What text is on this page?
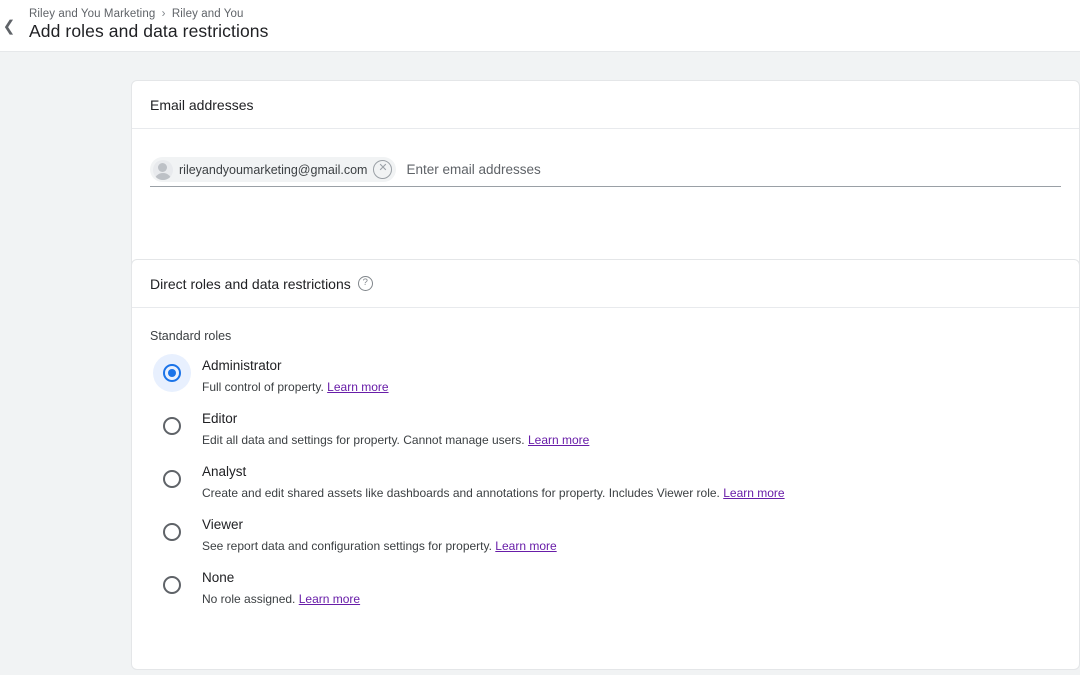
❮
Riley and You Marketing › Riley and You
Add roles and data restrictions
Email addresses
rileyandyoumarketing@gmail.com ✕
Enter email addresses
Direct roles and data restrictions	?
Standard roles
Administrator
Full control of property. Learn more
Editor
Edit all data and settings for property. Cannot manage users. Learn more
Analyst
Create and edit shared assets like dashboards and annotations for property. Includes Viewer role. Learn more
Viewer
See report data and configuration settings for property. Learn more
None
No role assigned. Learn more
